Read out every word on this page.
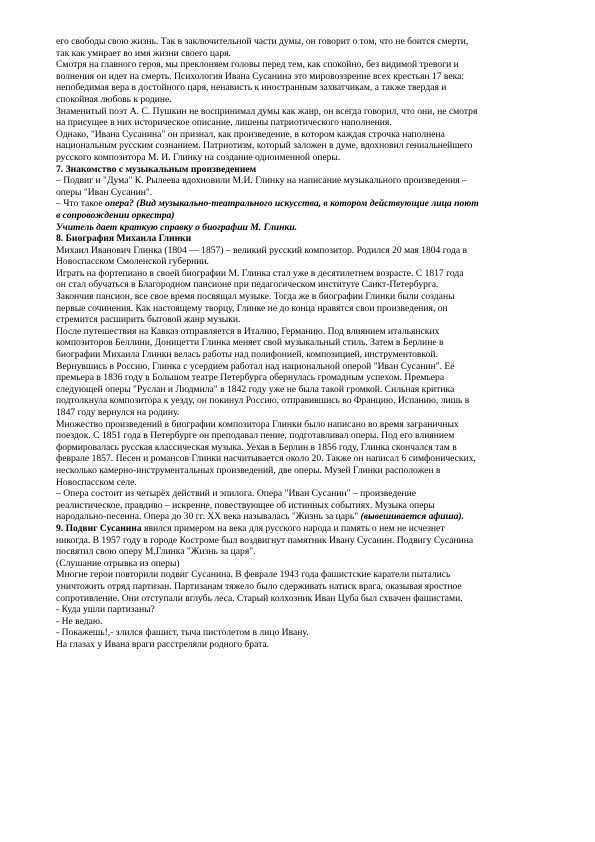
его свободы свою жизнь. Так в заключительной части думы, он говорит о том, что не боится смерти,

так как умирает во имя жизни своего царя.

Смотря на главного героя, мы преклоняем головы перед тем, как спокойно, без видимой тревоги и

волнения он идет на смерть. Психология Ивана Сусанина это мировоззрение всех крестьян 17 века:

непобедимая вера в достойного царя, ненависть к иностранным захватчикам, а также твердая и

спокойная любовь к родине.

Знаменитый поэт А. С. Пушкин не воспринимал думы как жанр, он всегда говорил, что они, не смотря

на присущее в них историческое описание, лишены патриотического наполнения.

Однако, "Ивана Сусанина" он признал, как произведение, в котором каждая строчка наполнена

национальным русским сознанием. Патриотизм, который заложен в думе, вдохновил гениальнейшего

русского композитора М. И. Глинку на создание одноименной оперы.

7. Знакомство с музыкальным произведением

– Подвиг и "Дума" К. Рылеева вдохновили М.И. Глинку на написание музыкального произведения –

оперы "Иван Сусанин".

– Что такое опера? (Вид музыкально-театрального искусства, в котором действующие лица поют

в сопровождении оркестра)

Учитель дает краткую справку о биографии М. Глинки.

8. Биография Михаила Глинки

Михаил Иванович Глинка (1804 — 1857) – великий русский композитор. Родился 20 мая 1804 года в

Новоспасском Смоленской губернии.

Играть на фортепиано в своей биографии М. Глинка стал уже в десятилетнем возрасте. С 1817 года

он стал обучаться в Благородном пансионе при педагогическом институте Санкт-Петербурга.

Закончив пансион, все свое время посвящал музыке. Тогда же в биографии Глинки были созданы

первые сочинения. Как настоящему творцу, Глинке не до конца нравятся свои произведения, он

стремится расширить бытовой жанр музыки.

После путешествия на Кавказ отправляется в Италию, Германию. Под влиянием итальянских

композиторов Беллини, Доницетти Глинка меняет свой музыкальный стиль. Затем в Берлине в

биографии Михаила Глинки велась работы над полифонией, композицией, инструментовкой.

Вернувшись в Россию, Глинка с усердием работал над национальной оперой "Иван Сусанин". Её

премьера в 1836 году в Большом театре Петербурга обернулась громадным успехом. Премьера

следующей оперы "Руслан и Людмила" в 1842 году уже не была такой громкой. Сильная критика

подтолкнула композитора к уезду, он покинул Россию, отправившись во Францию, Испанию, лишь в

1847 году вернулся на родину.

Множество произведений в биографии композитора Глинки было написано во время заграничных

поездок. С 1851 года в Петербурге он преподавал пение, подготавливал оперы. Под его влиянием

формировалась русская классическая музыка. Уехав в Берлин в 1856 году, Глинка скончался там в

феврале 1857. Песен и романсов Глинки насчитывается около 20. Также он написал 6 симфонических,

несколько камерно-инструментальных произведений, две оперы. Музей Глинки расположен в

Новоспасском селе.

– Опера состоит из четырёх действий и эпилога. Опера "Иван Сусанин" – произведение

реалистическое, правдиво – искренне, повествующее об истинных событиях. Музыка оперы

народально-песенна. Опера до 30 гг. XX века называлась "Жизнь за царь" (вывешивается афиша).

9. Подвиг Сусанина явился примером на века для русского народа и память о нем не исчезнет

никогда. В 1957 году в городе Костроме был воздвигнут памятник Ивану Сусанин. Подвигу Сусанина

посвятил свою оперу М.Глинка "Жизнь за царя".

(Слушание отрывка из оперы)

Многие герои повторили подвиг Сусанина. В феврале 1943 года фашистские каратели пытались

уничтожить отряд партизан. Партизанам тяжело было сдерживать натиск врага, оказывая яростное

сопротивление. Они отступали вглубь леса. Старый колхозник Иван Цуба был схвачен фашистами.

- Куда ушли партизаны?

- Не ведаю.

- Покажешь!,- злился фашист, тыча пистолетом в лицо Ивану.

На глазах у Ивана враги расстреляли родного брата.
